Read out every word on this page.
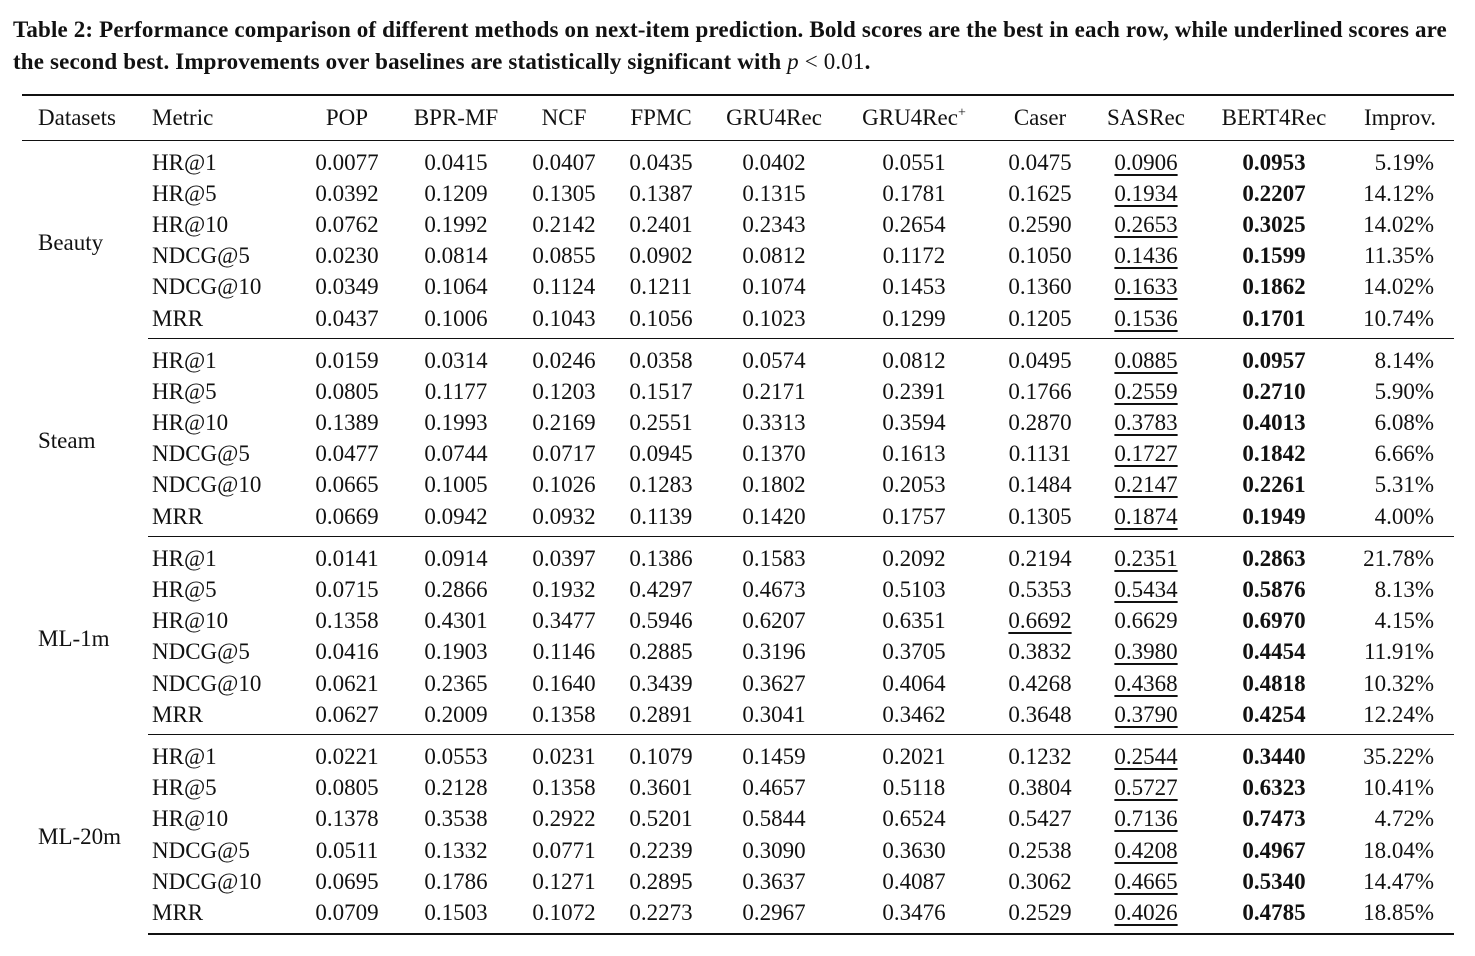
Table 2: Performance comparison of different methods on next-item prediction. Bold scores are the best in each row, while underlined scores are the second best. Improvements over baselines are statistically significant with p < 0.01.
Datasets	Metric	POP	BPR-MF	NCF	FPMC	GRU4Rec	GRU4Rec+	Caser	SASRec	BERT4Rec	Improv.
Beauty	HR@1	0.0077	0.0415	0.0407	0.0435	0.0402	0.0551	0.0475	0.0906	0.0953	5.19%
	HR@5	0.0392	0.1209	0.1305	0.1387	0.1315	0.1781	0.1625	0.1934	0.2207	14.12%
	HR@10	0.0762	0.1992	0.2142	0.2401	0.2343	0.2654	0.2590	0.2653	0.3025	14.02%
	NDCG@5	0.0230	0.0814	0.0855	0.0902	0.0812	0.1172	0.1050	0.1436	0.1599	11.35%
	NDCG@10	0.0349	0.1064	0.1124	0.1211	0.1074	0.1453	0.1360	0.1633	0.1862	14.02%
	MRR	0.0437	0.1006	0.1043	0.1056	0.1023	0.1299	0.1205	0.1536	0.1701	10.74%
Steam	HR@1	0.0159	0.0314	0.0246	0.0358	0.0574	0.0812	0.0495	0.0885	0.0957	8.14%
	HR@5	0.0805	0.1177	0.1203	0.1517	0.2171	0.2391	0.1766	0.2559	0.2710	5.90%
	HR@10	0.1389	0.1993	0.2169	0.2551	0.3313	0.3594	0.2870	0.3783	0.4013	6.08%
	NDCG@5	0.0477	0.0744	0.0717	0.0945	0.1370	0.1613	0.1131	0.1727	0.1842	6.66%
	NDCG@10	0.0665	0.1005	0.1026	0.1283	0.1802	0.2053	0.1484	0.2147	0.2261	5.31%
	MRR	0.0669	0.0942	0.0932	0.1139	0.1420	0.1757	0.1305	0.1874	0.1949	4.00%
ML-1m	HR@1	0.0141	0.0914	0.0397	0.1386	0.1583	0.2092	0.2194	0.2351	0.2863	21.78%
	HR@5	0.0715	0.2866	0.1932	0.4297	0.4673	0.5103	0.5353	0.5434	0.5876	8.13%
	HR@10	0.1358	0.4301	0.3477	0.5946	0.6207	0.6351	0.6692	0.6629	0.6970	4.15%
	NDCG@5	0.0416	0.1903	0.1146	0.2885	0.3196	0.3705	0.3832	0.3980	0.4454	11.91%
	NDCG@10	0.0621	0.2365	0.1640	0.3439	0.3627	0.4064	0.4268	0.4368	0.4818	10.32%
	MRR	0.0627	0.2009	0.1358	0.2891	0.3041	0.3462	0.3648	0.3790	0.4254	12.24%
ML-20m	HR@1	0.0221	0.0553	0.0231	0.1079	0.1459	0.2021	0.1232	0.2544	0.3440	35.22%
	HR@5	0.0805	0.2128	0.1358	0.3601	0.4657	0.5118	0.3804	0.5727	0.6323	10.41%
	HR@10	0.1378	0.3538	0.2922	0.5201	0.5844	0.6524	0.5427	0.7136	0.7473	4.72%
	NDCG@5	0.0511	0.1332	0.0771	0.2239	0.3090	0.3630	0.2538	0.4208	0.4967	18.04%
	NDCG@10	0.0695	0.1786	0.1271	0.2895	0.3637	0.4087	0.3062	0.4665	0.5340	14.47%
	MRR	0.0709	0.1503	0.1072	0.2273	0.2967	0.3476	0.2529	0.4026	0.4785	18.85%
